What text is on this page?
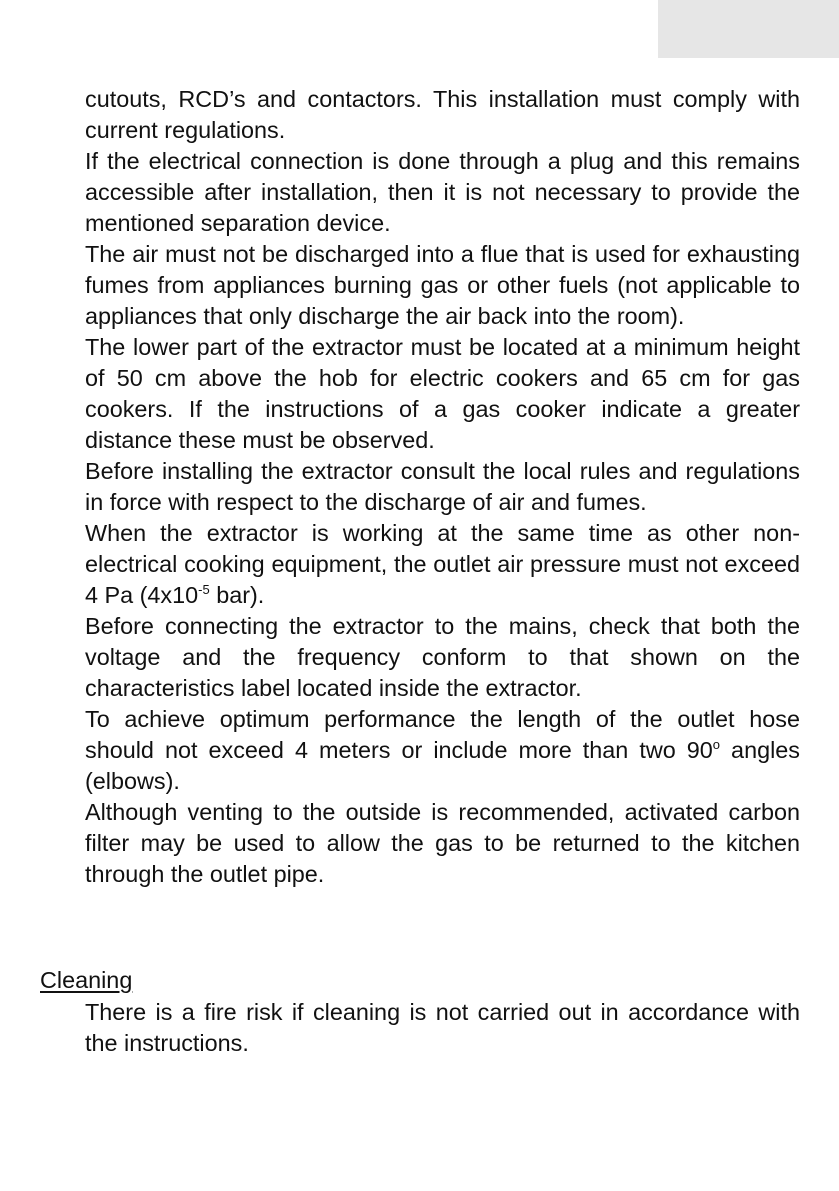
cutouts, RCD’s and contactors. This installation must comply with current regulations.

If the electrical connection is done through a plug and this remains accessible after installation, then it is not necessary to provide the mentioned separation device.

The air must not be discharged into a flue that is used for exhausting fumes from appliances burning gas or other fuels (not applicable to appliances that only discharge the air back into the room).

The lower part of the extractor must be located at a minimum height of 50 cm above the hob for electric cookers and 65 cm for gas cookers. If the instructions of a gas cooker indicate a greater distance these must be observed.

Before installing the extractor consult the local rules and regulations in force with respect to the discharge of air and fumes.

When the extractor is working at the same time as other non-electrical cooking equipment, the outlet air pressure must not exceed 4 Pa ($4x10^{-5}$ bar).

Before connecting the extractor to the mains, check that both the voltage and the frequency conform to that shown on the characteristics label located inside the extractor.

To achieve optimum performance the length of the outlet hose should not exceed 4 meters or include more than two 90$^o$ angles (elbows).

Although venting to the outside is recommended, activated carbon filter may be used to allow the gas to be returned to the kitchen through the outlet pipe.

Cleaning

There is a fire risk if cleaning is not carried out in accordance with the instructions.
